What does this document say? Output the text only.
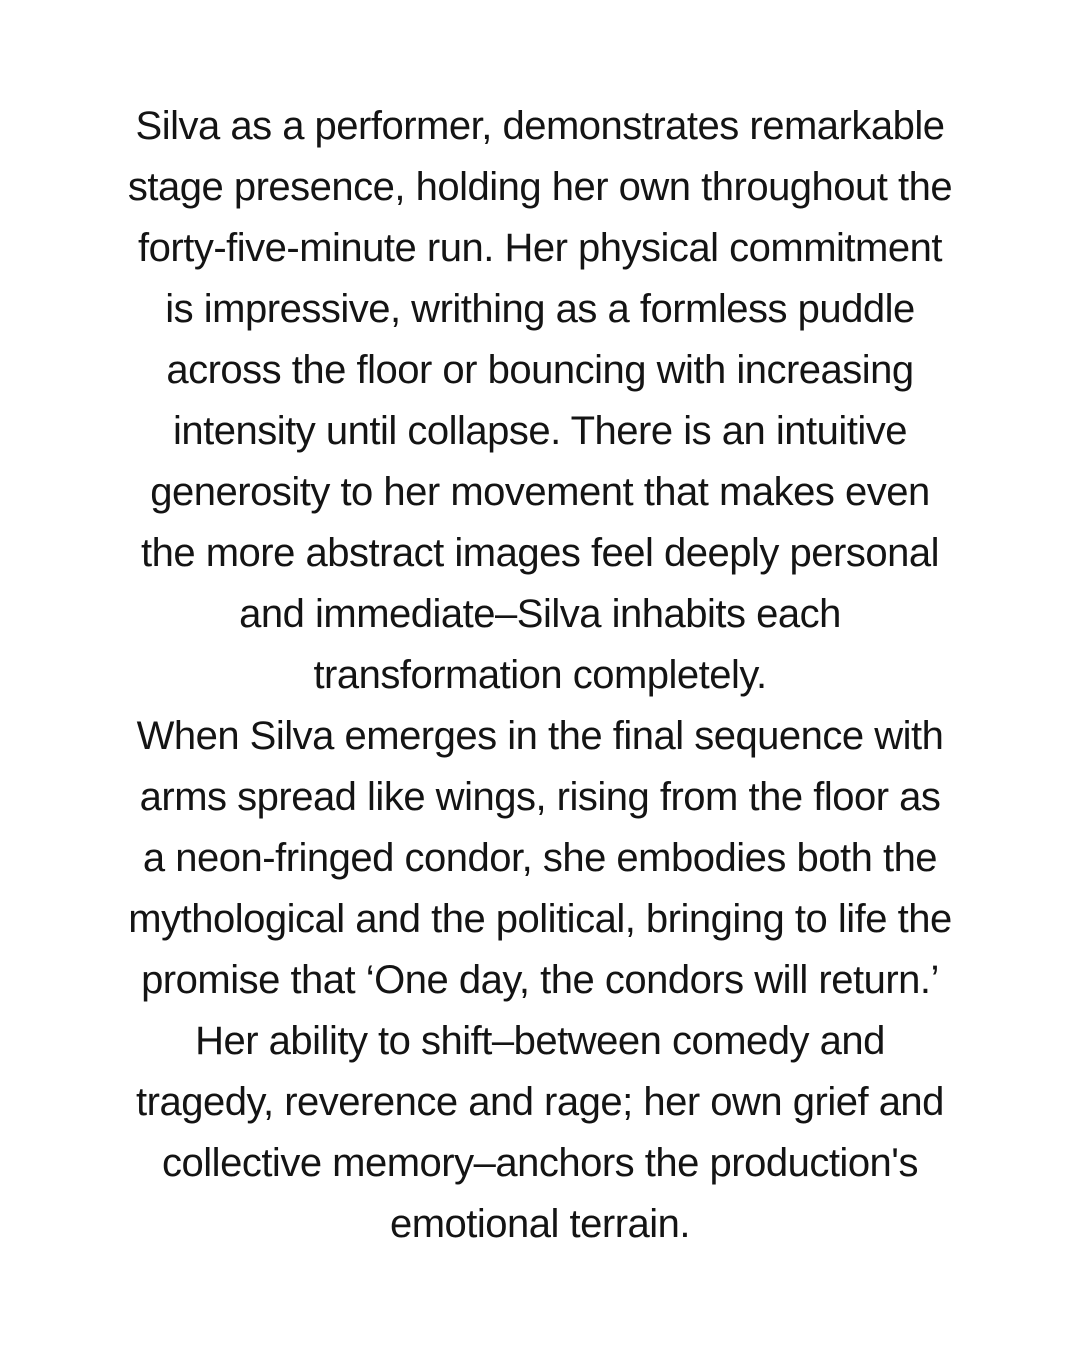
Silva as a performer, demonstrates remarkable
stage presence, holding her own throughout the
forty-five-minute run. Her physical commitment
is impressive, writhing as a formless puddle
across the floor or bouncing with increasing
intensity until collapse. There is an intuitive
generosity to her movement that makes even
the more abstract images feel deeply personal
and immediate–Silva inhabits each
transformation completely.

When Silva emerges in the final sequence with
arms spread like wings, rising from the floor as
a neon-fringed condor, she embodies both the
mythological and the political, bringing to life the
promise that ‘One day, the condors will return.’
Her ability to shift–between comedy and
tragedy, reverence and rage; her own grief and
collective memory–anchors the production's
emotional terrain.
